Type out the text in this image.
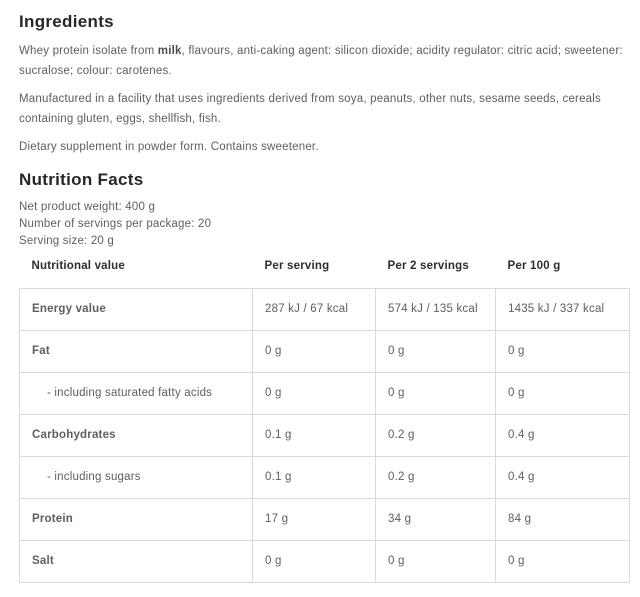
Ingredients

Whey protein isolate from milk, flavours, anti-caking agent: silicon dioxide; acidity regulator: citric acid; sweetener: sucralose; colour: carotenes.

Manufactured in a facility that uses ingredients derived from soya, peanuts, other nuts, sesame seeds, cereals containing gluten, eggs, shellfish, fish.

Dietary supplement in powder form. Contains sweetener.

Nutrition Facts
Net product weight: 400 g
Number of servings per package: 20
Serving size: 20 g
Nutritional value	Per serving	Per 2 servings	Per 100 g
Energy value	287 kJ / 67 kcal	574 kJ / 135 kcal	1435 kJ / 337 kcal
Fat	0 g	0 g	0 g
- including saturated fatty acids	0 g	0 g	0 g
Carbohydrates	0.1 g	0.2 g	0.4 g
- including sugars	0.1 g	0.2 g	0.4 g
Protein	17 g	34 g	84 g
Salt	0 g	0 g	0 g
